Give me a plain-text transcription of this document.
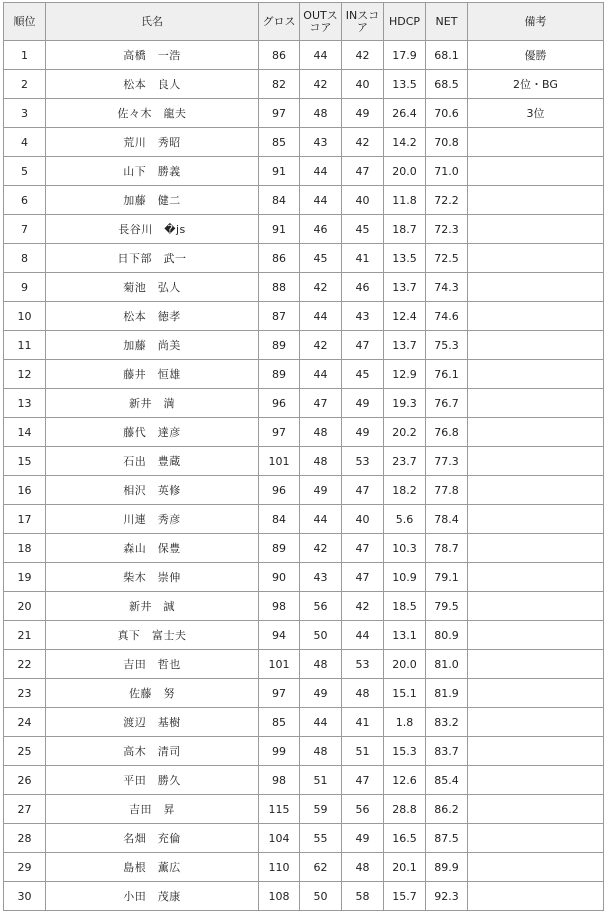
順位	氏名	グロス	OUTスコア	INスコア	HDCP	NET	備考
1	高橋　一浩	86	44	42	17.9	68.1	優勝
2	松本　良人	82	42	40	13.5	68.5	2位・BG
3	佐々木　龍夫	97	48	49	26.4	70.6	3位
4	荒川　秀昭	85	43	42	14.2	70.8	
5	山下　勝義	91	44	47	20.0	71.0	
6	加藤　健二	84	44	40	11.8	72.2	
7	長谷川　�js	91	46	45	18.7	72.3	
8	日下部　武一	86	45	41	13.5	72.5	
9	菊池　弘人	88	42	46	13.7	74.3	
10	松本　徳孝	87	44	43	12.4	74.6	
11	加藤　尚美	89	42	47	13.7	75.3	
12	藤井　恒雄	89	44	45	12.9	76.1	
13	新井　満	96	47	49	19.3	76.7	
14	藤代　達彦	97	48	49	20.2	76.8	
15	石出　豊蔵	101	48	53	23.7	77.3	
16	相沢　英修	96	49	47	18.2	77.8	
17	川連　秀彦	84	44	40	5.6	78.4	
18	森山　保豊	89	42	47	10.3	78.7	
19	柴木　崇伸	90	43	47	10.9	79.1	
20	新井　誠	98	56	42	18.5	79.5	
21	真下　富士夫	94	50	44	13.1	80.9	
22	吉田　哲也	101	48	53	20.0	81.0	
23	佐藤　努	97	49	48	15.1	81.9	
24	渡辺　基樹	85	44	41	1.8	83.2	
25	高木　清司	99	48	51	15.3	83.7	
26	平田　勝久	98	51	47	12.6	85.4	
27	吉田　昇	115	59	56	28.8	86.2	
28	名畑　充倫	104	55	49	16.5	87.5	
29	島根　薫広	110	62	48	20.1	89.9	
30	小田　茂康	108	50	58	15.7	92.3	
